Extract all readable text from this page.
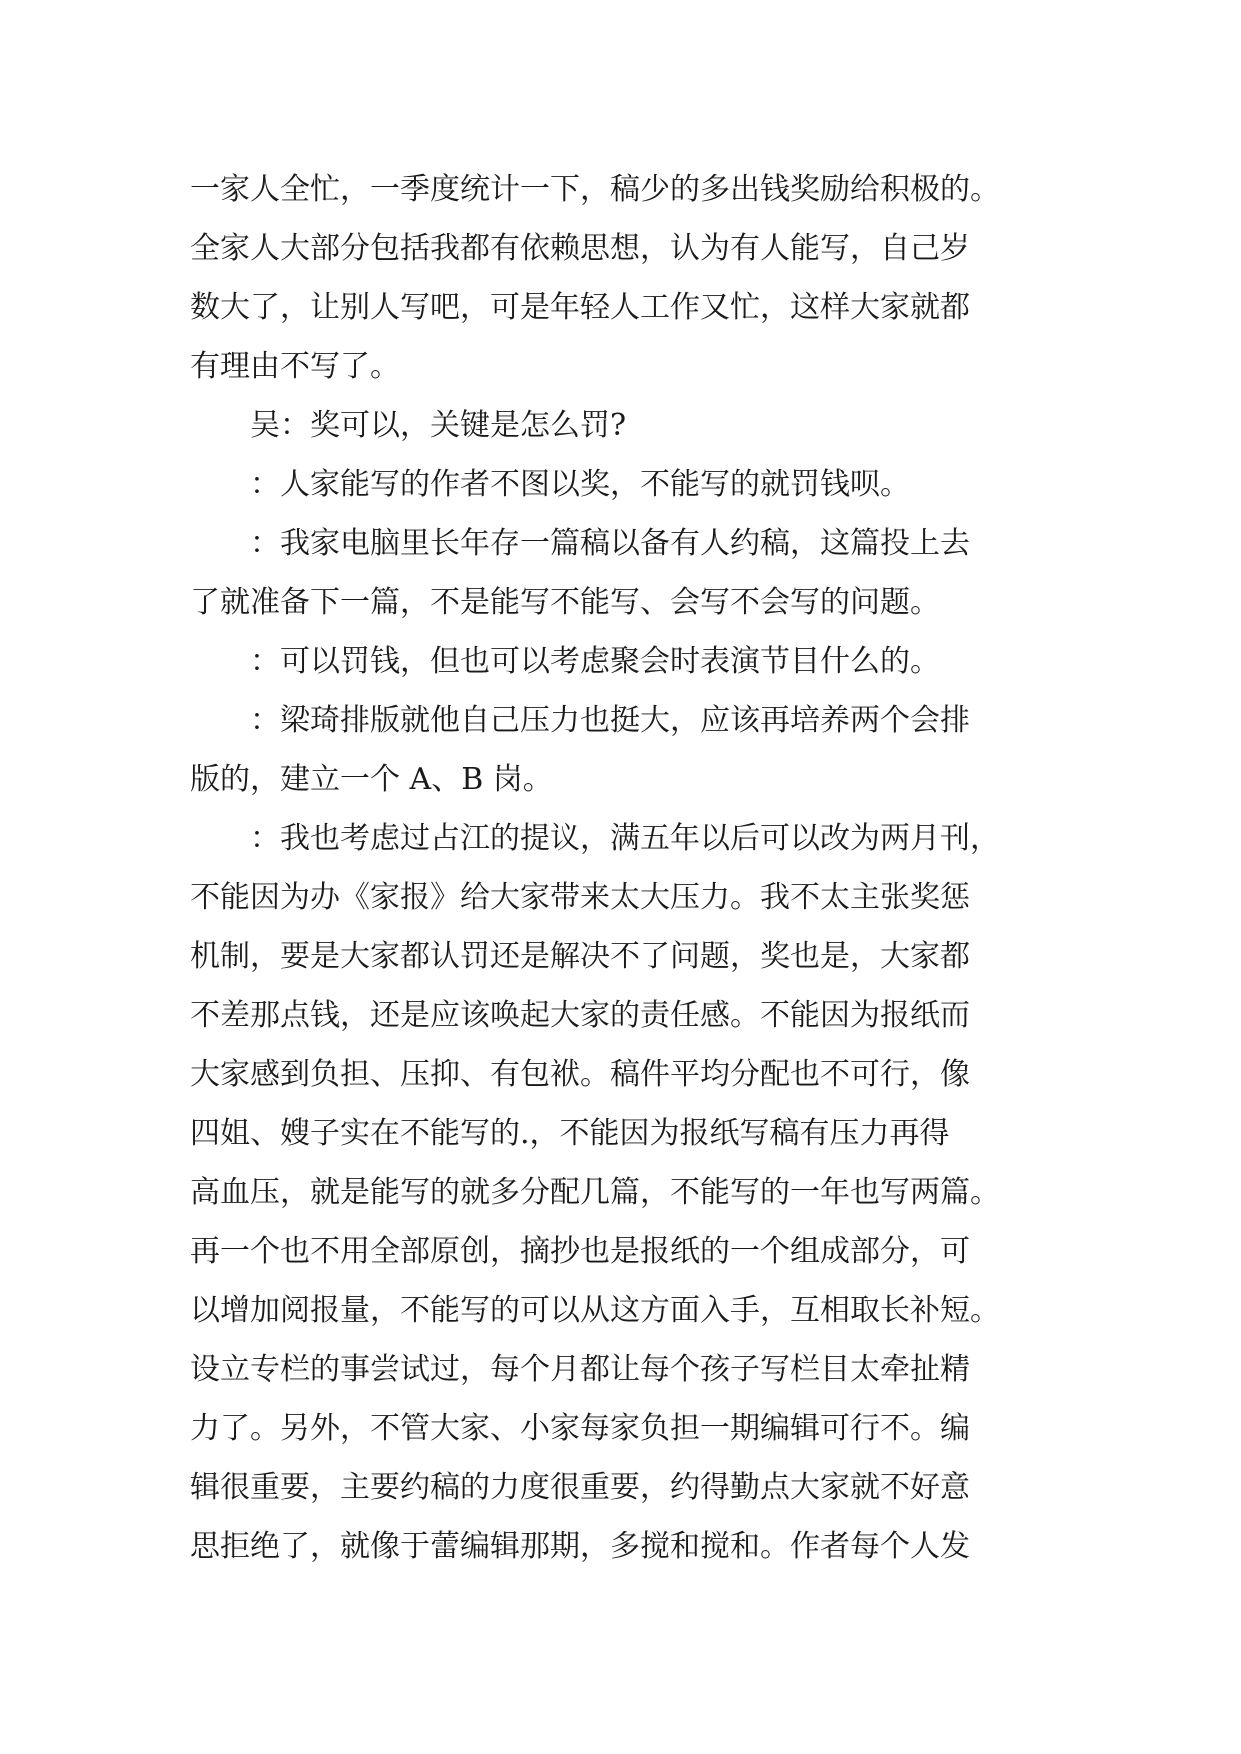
一家人全忙，一季度统计一下，稿少的多出钱奖励给积极的。
全家人大部分包括我都有依赖思想，认为有人能写，自己岁
数大了，让别人写吧，可是年轻人工作又忙，这样大家就都
有理由不写了。
吴：奖可以，关键是怎么罚?
：人家能写的作者不图以奖，不能写的就罚钱呗。
：我家电脑里长年存一篇稿以备有人约稿，这篇投上去
了就准备下一篇，不是能写不能写、会写不会写的问题。
：可以罚钱，但也可以考虑聚会时表演节目什么的。
：梁琦排版就他自己压力也挺大，应该再培养两个会排
版的，建立一个 A、B 岗。
：我也考虑过占江的提议，满五年以后可以改为两月刊，
不能因为办《家报》给大家带来太大压力。我不太主张奖惩
机制，要是大家都认罚还是解决不了问题，奖也是，大家都
不差那点钱，还是应该唤起大家的责任感。不能因为报纸而
大家感到负担、压抑、有包袱。稿件平均分配也不可行，像
四姐、嫂子实在不能写的.，不能因为报纸写稿有压力再得
高血压，就是能写的就多分配几篇，不能写的一年也写两篇。
再一个也不用全部原创，摘抄也是报纸的一个组成部分，可
以增加阅报量，不能写的可以从这方面入手，互相取长补短。
设立专栏的事尝试过，每个月都让每个孩子写栏目太牵扯精
力了。另外，不管大家、小家每家负担一期编辑可行不。编
辑很重要，主要约稿的力度很重要，约得勤点大家就不好意
思拒绝了，就像于蕾编辑那期，多搅和搅和。作者每个人发
